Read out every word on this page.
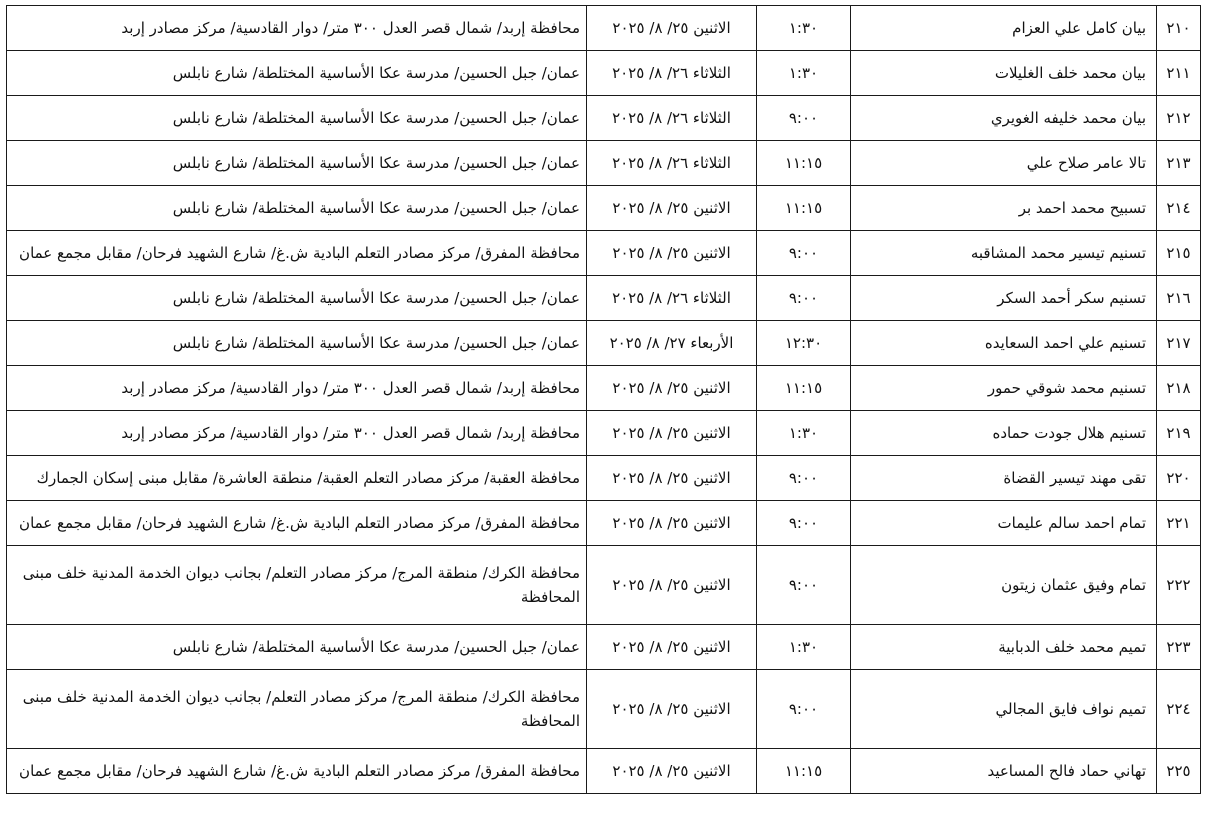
٢١٠	بيان كامل علي العزام	١:٣٠	الاثنين ٢٥/ ٨/ ٢٠٢٥	محافظة إربد/ شمال قصر العدل ٣٠٠ متر/ دوار القادسية/ مركز مصادر إربد
٢١١	بيان محمد خلف الغليلات	١:٣٠	الثلاثاء ٢٦/ ٨/ ٢٠٢٥	عمان/ جبل الحسين/ مدرسة عكا الأساسية المختلطة/ شارع نابلس
٢١٢	بيان محمد خليفه الغويري	٩:٠٠	الثلاثاء ٢٦/ ٨/ ٢٠٢٥	عمان/ جبل الحسين/ مدرسة عكا الأساسية المختلطة/ شارع نابلس
٢١٣	تالا عامر صلاح علي	١١:١٥	الثلاثاء ٢٦/ ٨/ ٢٠٢٥	عمان/ جبل الحسين/ مدرسة عكا الأساسية المختلطة/ شارع نابلس
٢١٤	تسبيح محمد احمد بر	١١:١٥	الاثنين ٢٥/ ٨/ ٢٠٢٥	عمان/ جبل الحسين/ مدرسة عكا الأساسية المختلطة/ شارع نابلس
٢١٥	تسنيم تيسير محمد المشاقبه	٩:٠٠	الاثنين ٢٥/ ٨/ ٢٠٢٥	محافظة المفرق/ مركز مصادر التعلم البادية ش.غ/ شارع الشهيد فرحان/ مقابل مجمع عمان
٢١٦	تسنيم سكر أحمد السكر	٩:٠٠	الثلاثاء ٢٦/ ٨/ ٢٠٢٥	عمان/ جبل الحسين/ مدرسة عكا الأساسية المختلطة/ شارع نابلس
٢١٧	تسنيم علي احمد السعايده	١٢:٣٠	الأربعاء ٢٧/ ٨/ ٢٠٢٥	عمان/ جبل الحسين/ مدرسة عكا الأساسية المختلطة/ شارع نابلس
٢١٨	تسنيم محمد شوقي حمور	١١:١٥	الاثنين ٢٥/ ٨/ ٢٠٢٥	محافظة إربد/ شمال قصر العدل ٣٠٠ متر/ دوار القادسية/ مركز مصادر إربد
٢١٩	تسنيم هلال جودت حماده	١:٣٠	الاثنين ٢٥/ ٨/ ٢٠٢٥	محافظة إربد/ شمال قصر العدل ٣٠٠ متر/ دوار القادسية/ مركز مصادر إربد
٢٢٠	تقى مهند تيسير القضاة	٩:٠٠	الاثنين ٢٥/ ٨/ ٢٠٢٥	محافظة العقبة/ مركز مصادر التعلم العقبة/ منطقة العاشرة/ مقابل مبنى إسكان الجمارك
٢٢١	تمام احمد سالم عليمات	٩:٠٠	الاثنين ٢٥/ ٨/ ٢٠٢٥	محافظة المفرق/ مركز مصادر التعلم البادية ش.غ/ شارع الشهيد فرحان/ مقابل مجمع عمان
٢٢٢	تمام وفيق عثمان زيتون	٩:٠٠	الاثنين ٢٥/ ٨/ ٢٠٢٥	محافظة الكرك/ منطقة المرج/ مركز مصادر التعلم/ بجانب ديوان الخدمة المدنية خلف مبنى المحافظة
٢٢٣	تميم محمد خلف الدبابية	١:٣٠	الاثنين ٢٥/ ٨/ ٢٠٢٥	عمان/ جبل الحسين/ مدرسة عكا الأساسية المختلطة/ شارع نابلس
٢٢٤	تميم نواف فايق المجالي	٩:٠٠	الاثنين ٢٥/ ٨/ ٢٠٢٥	محافظة الكرك/ منطقة المرج/ مركز مصادر التعلم/ بجانب ديوان الخدمة المدنية خلف مبنى المحافظة
٢٢٥	تهاني حماد فالح المساعيد	١١:١٥	الاثنين ٢٥/ ٨/ ٢٠٢٥	محافظة المفرق/ مركز مصادر التعلم البادية ش.غ/ شارع الشهيد فرحان/ مقابل مجمع عمان
